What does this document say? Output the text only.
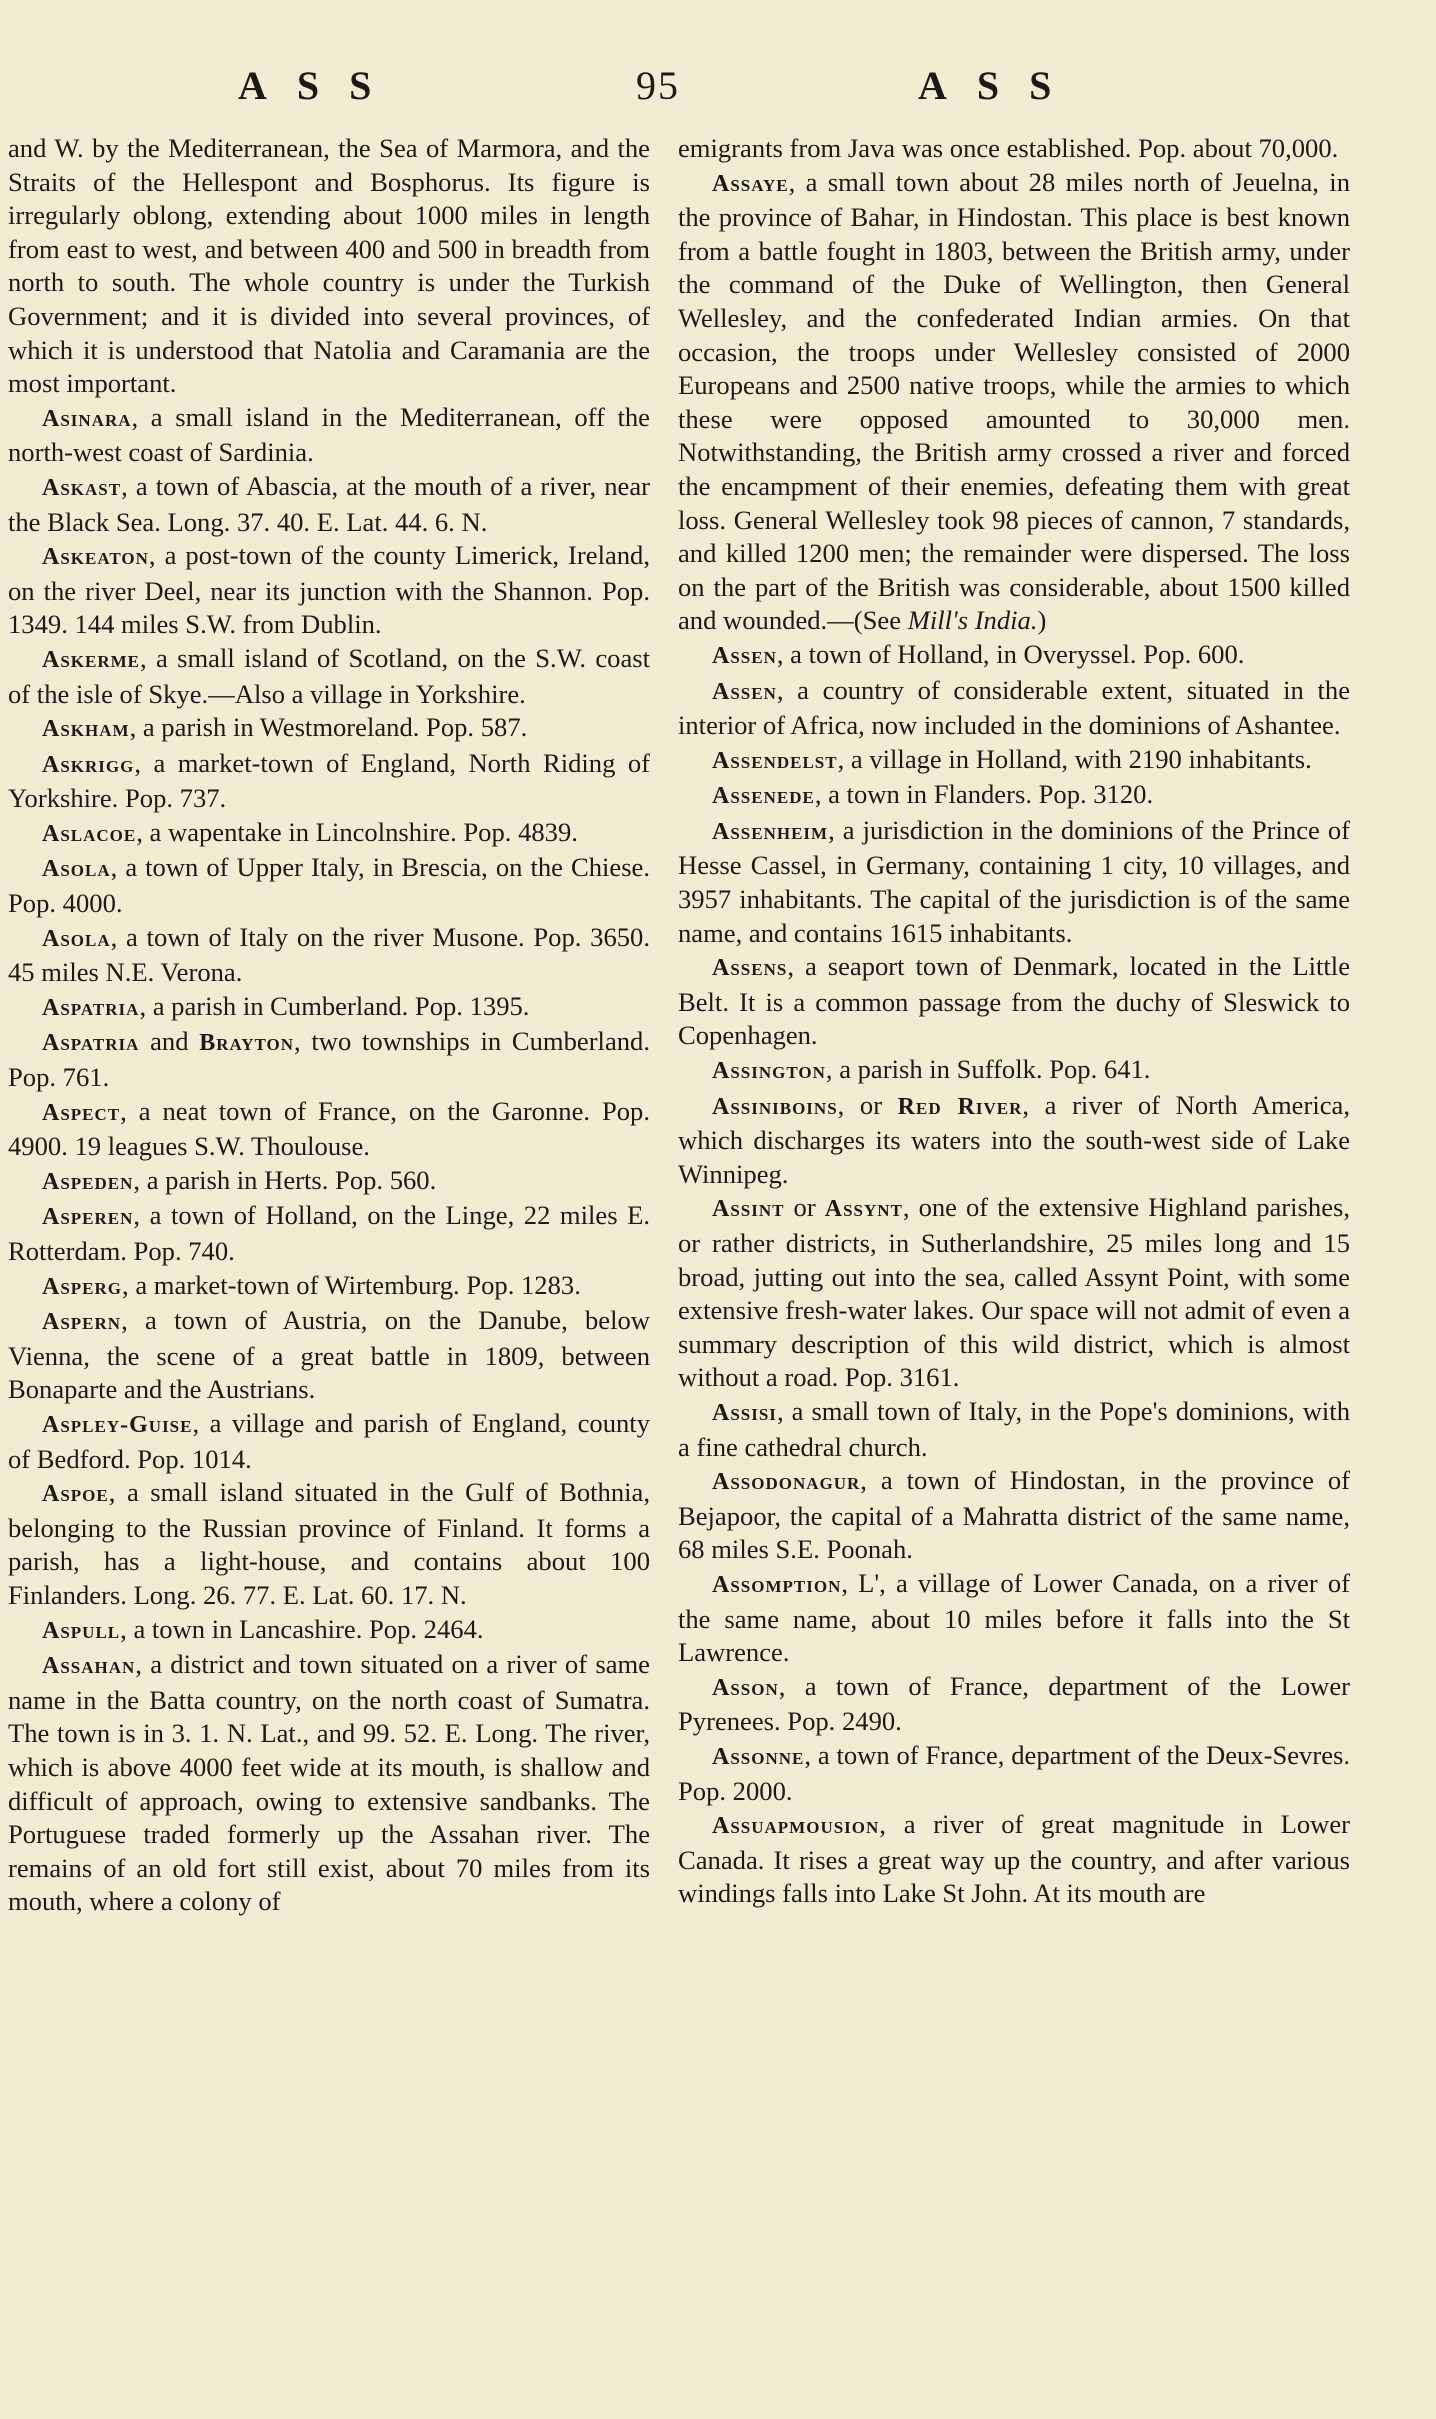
ASS	95	ASS

and W. by the Mediterranean, the Sea of Marmora, and the Straits of the Hellespont and Bosphorus. Its figure is irregularly oblong, extending about 1000 miles in length from east to west, and between 400 and 500 in breadth from north to south. The whole country is under the Turkish Government; and it is divided into several provinces, of which it is understood that Natolia and Caramania are the most important.

Asinara, a small island in the Mediterranean, off the north-west coast of Sardinia.

Askast, a town of Abascia, at the mouth of a river, near the Black Sea. Long. 37. 40. E. Lat. 44. 6. N.

Askeaton, a post-town of the county Limerick, Ireland, on the river Deel, near its junction with the Shannon. Pop. 1349. 144 miles S.W. from Dublin.

Askerme, a small island of Scotland, on the S.W. coast of the isle of Skye.—Also a village in Yorkshire.

Askham, a parish in Westmoreland. Pop. 587.

Askrigg, a market-town of England, North Riding of Yorkshire. Pop. 737.

Aslacoe, a wapentake in Lincolnshire. Pop. 4839.

Asola, a town of Upper Italy, in Brescia, on the Chiese. Pop. 4000.

Asola, a town of Italy on the river Musone. Pop. 3650. 45 miles N.E. Verona.

Aspatria, a parish in Cumberland. Pop. 1395.

Aspatria and Brayton, two townships in Cumberland. Pop. 761.

Aspect, a neat town of France, on the Garonne. Pop. 4900. 19 leagues S.W. Thoulouse.

Aspeden, a parish in Herts. Pop. 560.

Asperen, a town of Holland, on the Linge, 22 miles E. Rotterdam. Pop. 740.

Asperg, a market-town of Wirtemburg. Pop. 1283.

Aspern, a town of Austria, on the Danube, below Vienna, the scene of a great battle in 1809, between Bonaparte and the Austrians.

Aspley-Guise, a village and parish of England, county of Bedford. Pop. 1014.

Aspoe, a small island situated in the Gulf of Bothnia, belonging to the Russian province of Finland. It forms a parish, has a light-house, and contains about 100 Finlanders. Long. 26. 77. E. Lat. 60. 17. N.

Aspull, a town in Lancashire. Pop. 2464.

Assahan, a district and town situated on a river of same name in the Batta country, on the north coast of Sumatra. The town is in 3. 1. N. Lat., and 99. 52. E. Long. The river, which is above 4000 feet wide at its mouth, is shallow and difficult of approach, owing to extensive sandbanks. The Portuguese traded formerly up the Assahan river. The remains of an old fort still exist, about 70 miles from its mouth, where a colony of

emigrants from Java was once established. Pop. about 70,000.

Assaye, a small town about 28 miles north of Jeuelna, in the province of Bahar, in Hindostan. This place is best known from a battle fought in 1803, between the British army, under the command of the Duke of Wellington, then General Wellesley, and the confederated Indian armies. On that occasion, the troops under Wellesley consisted of 2000 Europeans and 2500 native troops, while the armies to which these were opposed amounted to 30,000 men. Notwithstanding, the British army crossed a river and forced the encampment of their enemies, defeating them with great loss. General Wellesley took 98 pieces of cannon, 7 standards, and killed 1200 men; the remainder were dispersed. The loss on the part of the British was considerable, about 1500 killed and wounded.—(See Mill's India.)

Assen, a town of Holland, in Overyssel. Pop. 600.

Assen, a country of considerable extent, situated in the interior of Africa, now included in the dominions of Ashantee.

Assendelst, a village in Holland, with 2190 inhabitants.

Assenede, a town in Flanders. Pop. 3120.

Assenheim, a jurisdiction in the dominions of the Prince of Hesse Cassel, in Germany, containing 1 city, 10 villages, and 3957 inhabitants. The capital of the jurisdiction is of the same name, and contains 1615 inhabitants.

Assens, a seaport town of Denmark, located in the Little Belt. It is a common passage from the duchy of Sleswick to Copenhagen.

Assington, a parish in Suffolk. Pop. 641.

Assiniboins, or Red River, a river of North America, which discharges its waters into the south-west side of Lake Winnipeg.

Assint or Assynt, one of the extensive Highland parishes, or rather districts, in Sutherlandshire, 25 miles long and 15 broad, jutting out into the sea, called Assynt Point, with some extensive fresh-water lakes. Our space will not admit of even a summary description of this wild district, which is almost without a road. Pop. 3161.

Assisi, a small town of Italy, in the Pope's dominions, with a fine cathedral church.

Assodonagur, a town of Hindostan, in the province of Bejapoor, the capital of a Mahratta district of the same name, 68 miles S.E. Poonah.

Assomption, L', a village of Lower Canada, on a river of the same name, about 10 miles before it falls into the St Lawrence.

Asson, a town of France, department of the Lower Pyrenees. Pop. 2490.

Assonne, a town of France, department of the Deux-Sevres. Pop. 2000.

Assuapmousion, a river of great magnitude in Lower Canada. It rises a great way up the country, and after various windings falls into Lake St John. At its mouth are
